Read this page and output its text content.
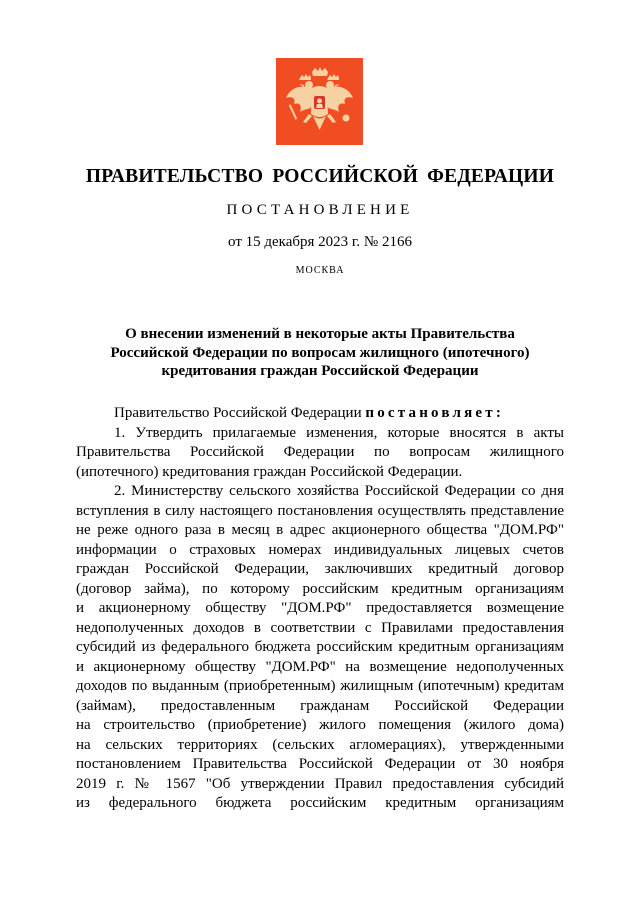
ПРАВИТЕЛЬСТВО РОССИЙСКОЙ ФЕДЕРАЦИИ
ПОСТАНОВЛЕНИЕ
от 15 декабря 2023 г. № 2166
МОСКВА
О внесении изменений в некоторые акты Правительства
Российской Федерации по вопросам жилищного (ипотечного)
кредитования граждан Российской Федерации
Правительство Российской Федерации постановляет:
1. Утвердить прилагаемые изменения, которые вносятся в акты
Правительства Российской Федерации по вопросам жилищного
(ипотечного) кредитования граждан Российской Федерации.
2. Министерству сельского хозяйства Российской Федерации со дня
вступления в силу настоящего постановления осуществлять представление
не реже одного раза в месяц в адрес акционерного общества "ДОМ.РФ"
информации о страховых номерах индивидуальных лицевых счетов
граждан Российской Федерации, заключивших кредитный договор
(договор займа), по которому российским кредитным организациям
и акционерному обществу "ДОМ.РФ" предоставляется возмещение
недополученных доходов в соответствии с Правилами предоставления
субсидий из федерального бюджета российским кредитным организациям
и акционерному обществу "ДОМ.РФ" на возмещение недополученных
доходов по выданным (приобретенным) жилищным (ипотечным) кредитам
(займам), предоставленным гражданам Российской Федерации
на строительство (приобретение) жилого помещения (жилого дома)
на сельских территориях (сельских агломерациях), утвержденными
постановлением Правительства Российской Федерации от 30 ноября
2019 г. № 1567 "Об утверждении Правил предоставления субсидий
из федерального бюджета российским кредитным организациям
